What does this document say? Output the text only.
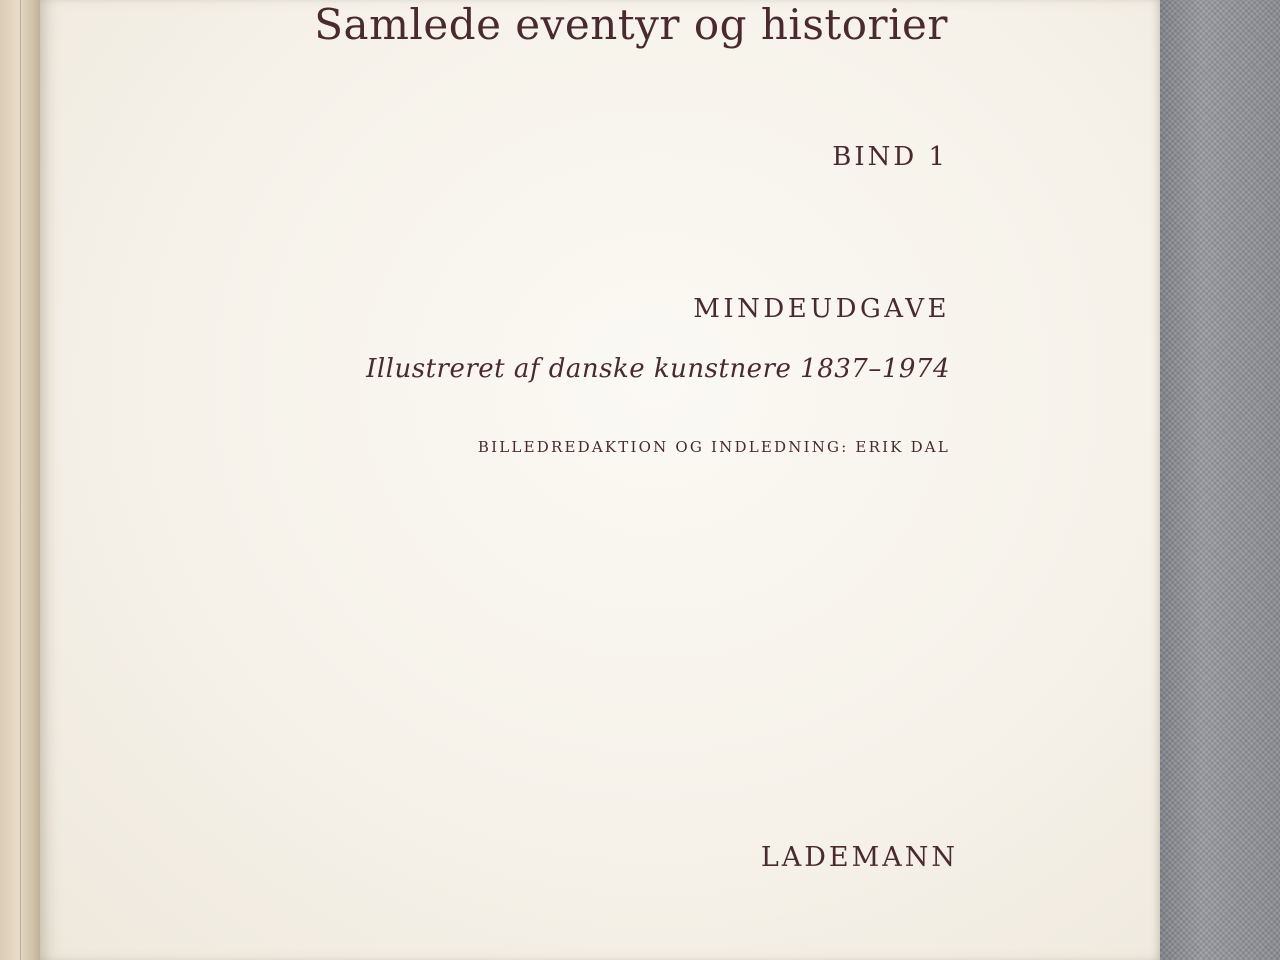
Samlede eventyr og historier
BIND 1
MINDEUDGAVE
Illustreret af danske kunstnere 1837–1974
BILLEDREDAKTION OG INDLEDNING: ERIK DAL
LADEMANN
